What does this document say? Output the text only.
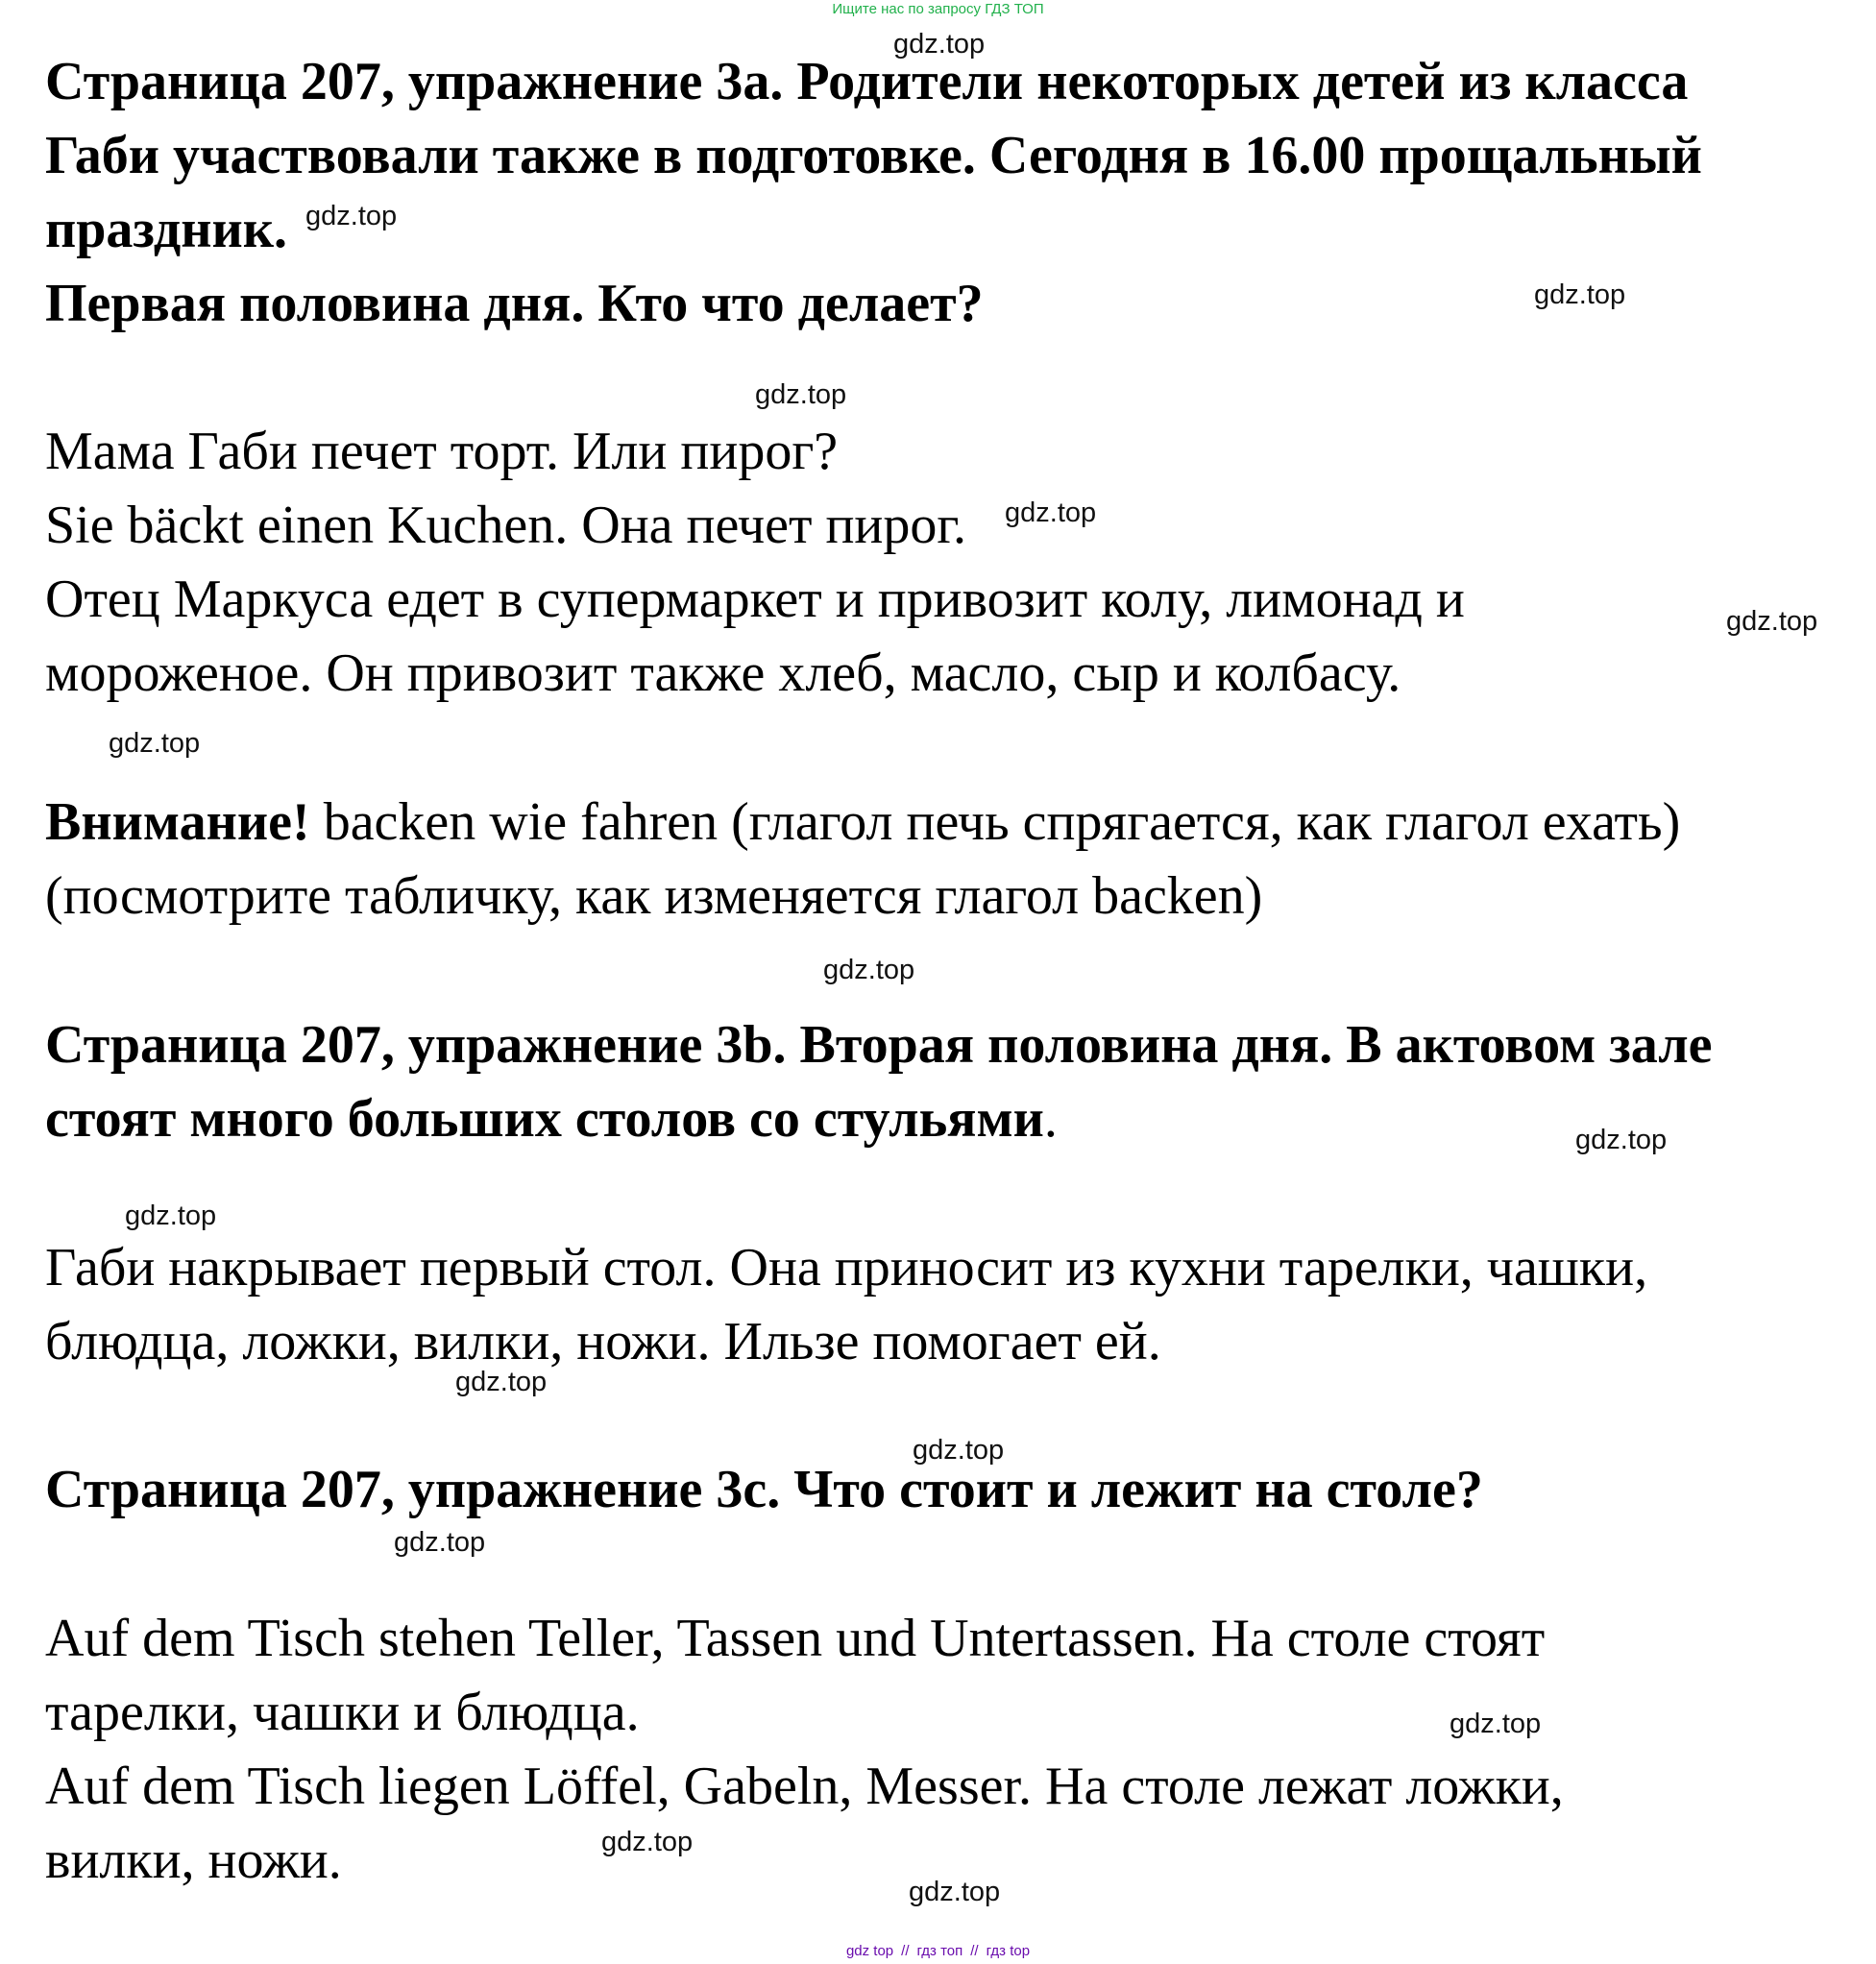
Ищите нас по запросу ГДЗ ТОП
Страница 207, упражнение 3а. Родители некоторых детей из класса
Габи участвовали также в подготовке. Сегодня в 16.00 прощальный
праздник.
Первая половина дня. Кто что делает?
Мама Габи печет торт. Или пирог?
Sie bäckt einen Kuchen. Она печет пирог.
Отец Маркуса едет в супермаркет и привозит колу, лимонад и
мороженое. Он привозит также хлеб, масло, сыр и колбасу.
Внимание! backen wie fahren (глагол печь спрягается, как глагол ехать)
(посмотрите табличку, как изменяется глагол backen)
Страница 207, упражнение 3b. Вторая половина дня. В актовом зале
стоят много больших столов со стульями.
Габи накрывает первый стол. Она приносит из кухни тарелки, чашки,
блюдца, ложки, вилки, ножи. Ильзе помогает ей.
Страница 207, упражнение 3с. Что стоит и лежит на столе?
Auf dem Tisch stehen Teller, Tassen und Untertassen. На столе стоят
тарелки, чашки и блюдца.
Auf dem Tisch liegen Löffel, Gabeln, Messer. На столе лежат ложки,
вилки, ножи.
gdz.top
gdz.top
gdz.top
gdz.top
gdz.top
gdz.top
gdz.top
gdz.top
gdz.top
gdz.top
gdz.top
gdz.top
gdz.top
gdz.top
gdz.top
gdz.top
gdz top // гдз топ // гдз top
